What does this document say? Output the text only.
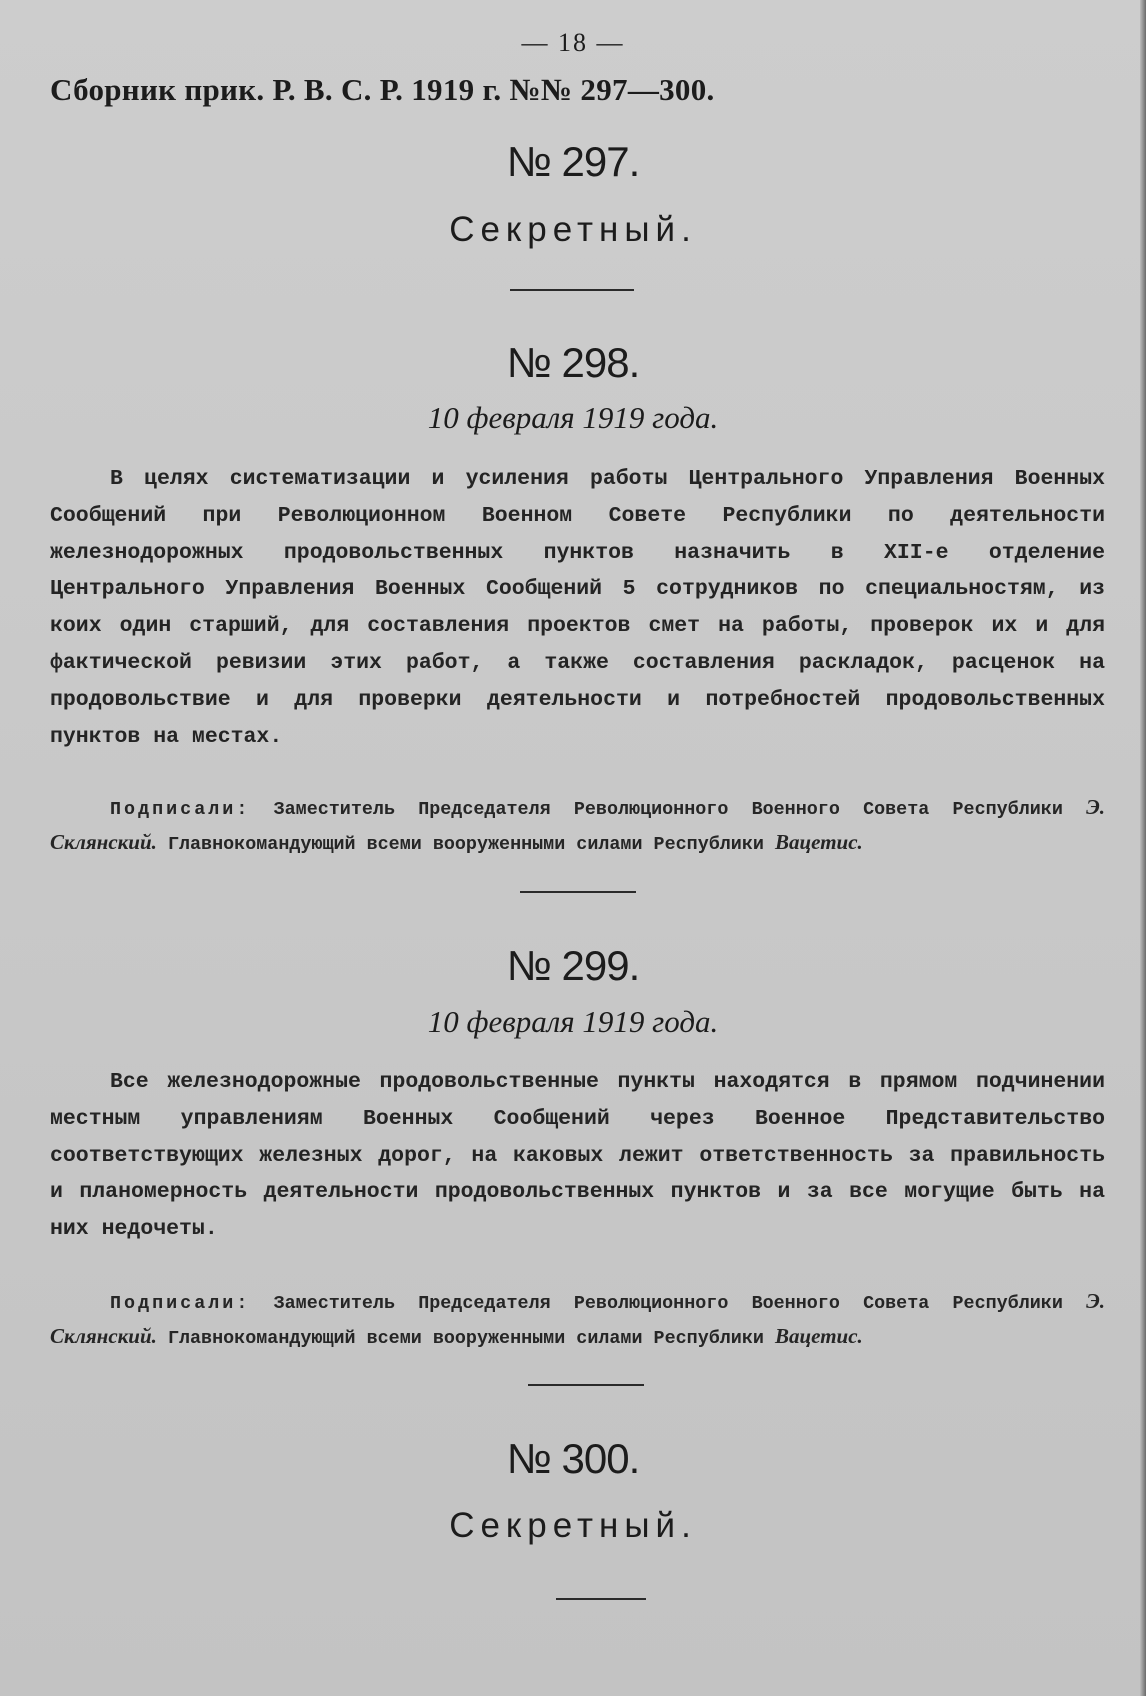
— 18 —
Сборник прик. Р. В. С. Р. 1919 г. №№ 297—300.
№ 297.
Секретный.
№ 298.
10 февраля 1919 года.
В целях систематизации и усиления работы Центрального Управления Военных Сообщений при Революционном Военном Совете Республики по деятельности железнодорожных продовольственных пунктов назначить в XII-е отделение Центрального Управления Военных Сообщений 5 сотрудников по специальностям, из коих один старший, для составления проектов смет на работы, проверок их и для фактической ревизии этих работ, а также составления раскладок, расценок на продовольствие и для проверки деятельности и потребностей продовольственных пунктов на местах.
Подписали: Заместитель Председателя Революционного Военного Совета Республики Э. Склянский. Главнокомандующий всеми вооруженными силами Республики Вацетис.
№ 299.
10 февраля 1919 года.
Все железнодорожные продовольственные пункты находятся в прямом подчинении местным управлениям Военных Сообщений через Военное Представительство соответствующих железных дорог, на каковых лежит ответственность за правильность и планомерность деятельности продовольственных пунктов и за все могущие быть на них недочеты.
Подписали: Заместитель Председателя Революционного Военного Совета Республики Э. Склянский. Главнокомандующий всеми вооруженными силами Республики Вацетис.
№ 300.
Секретный.
